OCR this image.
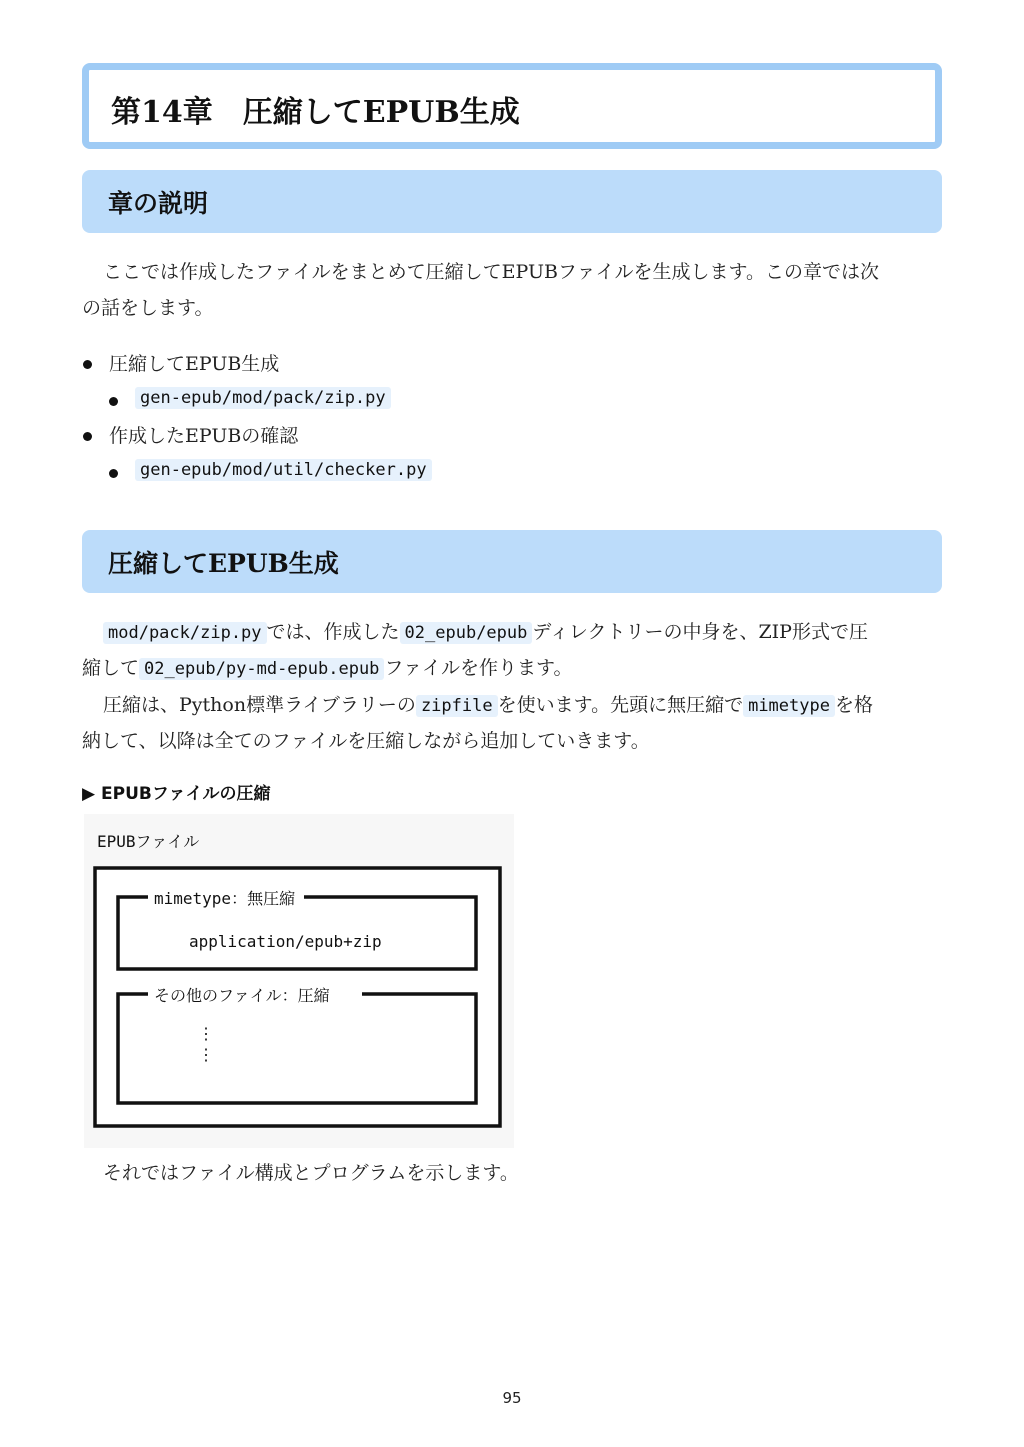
第14章　圧縮してEPUB生成
章の説明
ここでは作成したファイルをまとめて圧縮してEPUBファイルを生成します。この章では次
の話をします。
圧縮してEPUB生成
gen-epub/mod/pack/zip.py
作成したEPUBの確認
gen-epub/mod/util/checker.py
圧縮してEPUB生成
mod/pack/zip.py では、作成した 02_epub/epub ディレクトリーの中身を、ZIP形式で圧
縮して 02_epub/py-md-epub.epub ファイルを作ります。
圧縮は、Python標準ライブラリーの zipfile を使います。先頭に無圧縮で mimetype を格
納して、以降は全てのファイルを圧縮しながら追加していきます。
▶ EPUBファイルの圧縮
EPUBファイル
mimetype：無圧縮
application/epub+zip
その他のファイル：圧縮
⋮
⋮
それではファイル構成とプログラムを示します。
95
